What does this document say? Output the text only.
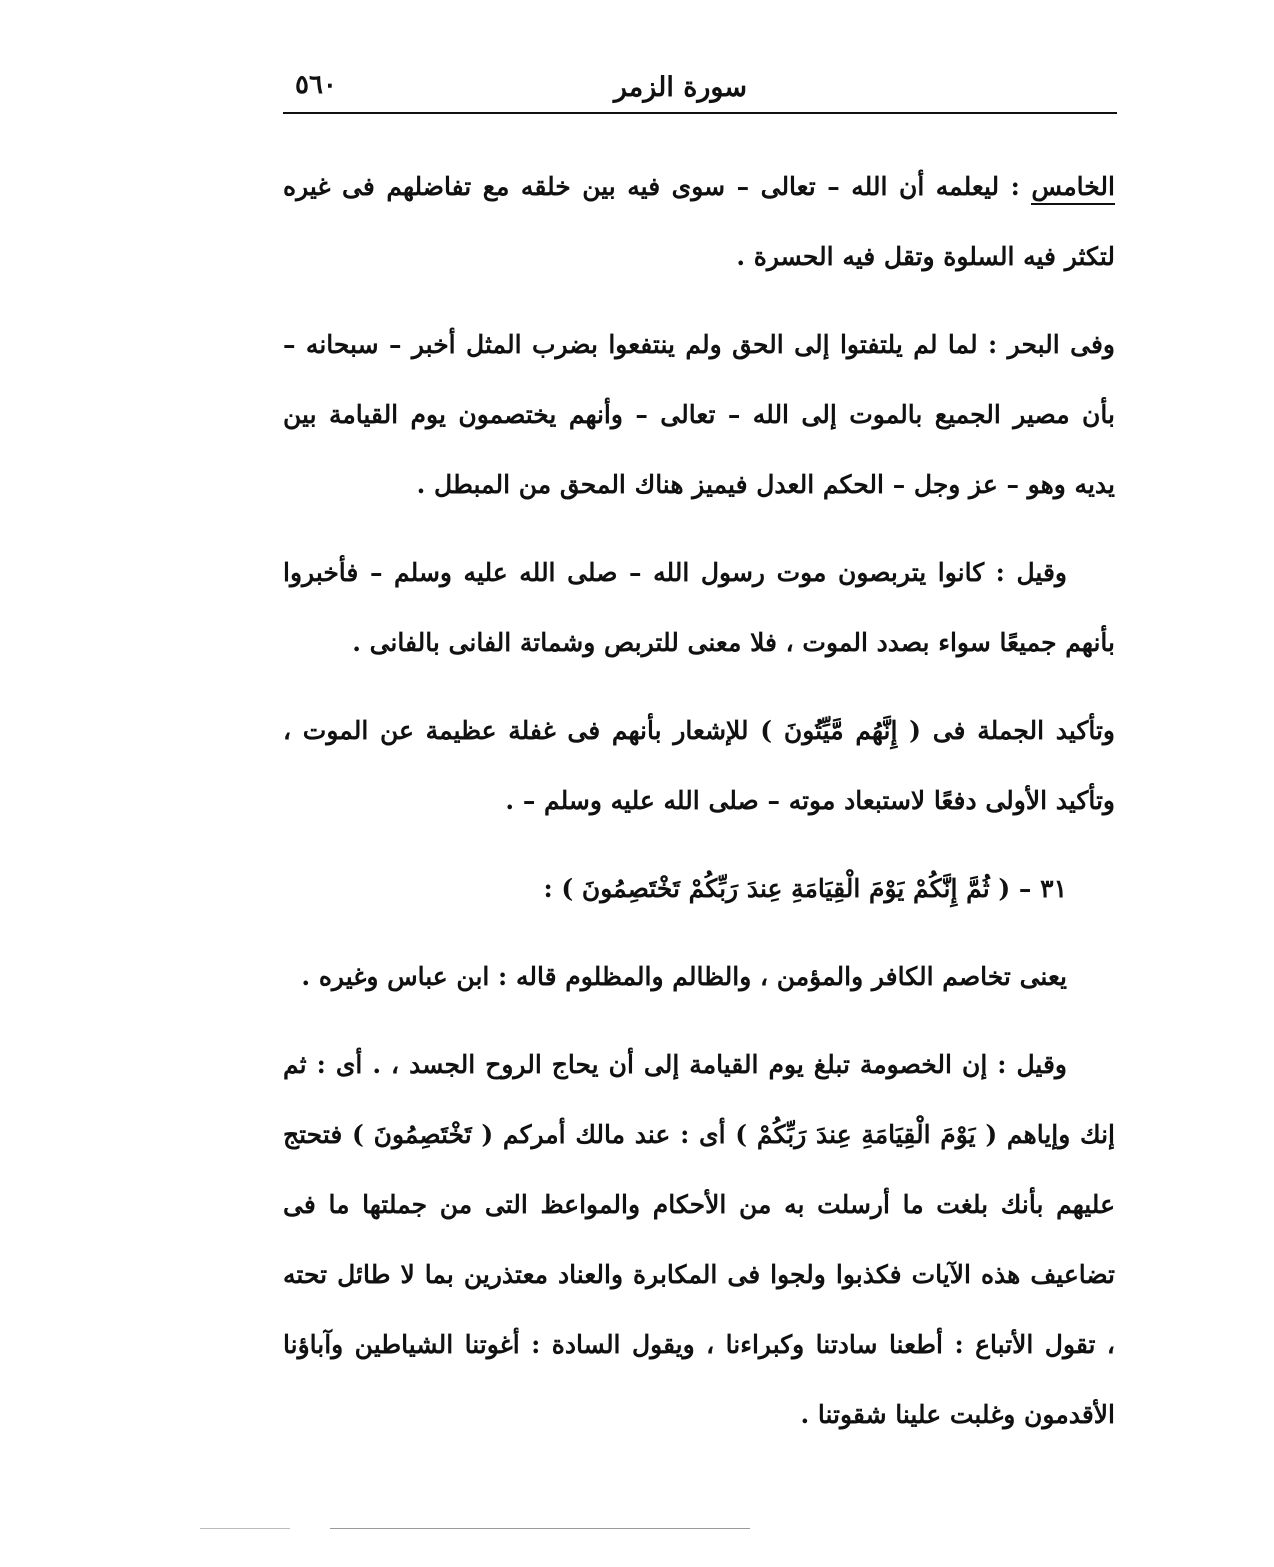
سورة الزمر
٥٦٠

الخامس : ليعلمه أن الله – تعالى – سوى فيه بين خلقه مع تفاضلهم فى غيره لتكثر فيه السلوة وتقل فيه الحسرة .

وفى البحر : لما لم يلتفتوا إلى الحق ولم ينتفعوا بضرب المثل أخبر – سبحانه – بأن مصير الجميع بالموت إلى الله – تعالى – وأنهم يختصمون يوم القيامة بين يديه وهو – عز وجل – الحكم العدل فيميز هناك المحق من المبطل .

وقيل : كانوا يتربصون موت رسول الله – صلى الله عليه وسلم – فأخبروا بأنهم جميعًا سواء بصدد الموت ، فلا معنى للتربص وشماتة الفانى بالفانى .

وتأكيد الجملة فى ( إِنَّهُم مَّيِّتُونَ ) للإشعار بأنهم فى غفلة عظيمة عن الموت ، وتأكيد الأولى دفعًا لاستبعاد موته – صلى الله عليه وسلم – .

٣١ – ( ثُمَّ إِنَّكُمْ يَوْمَ الْقِيَامَةِ عِندَ رَبِّكُمْ تَخْتَصِمُونَ ) :

يعنى تخاصم الكافر والمؤمن ، والظالم والمظلوم قاله : ابن عباس وغيره .

وقيل : إن الخصومة تبلغ يوم القيامة إلى أن يحاج الروح الجسد ، . أى : ثم إنك وإياهم ( يَوْمَ الْقِيَامَةِ عِندَ رَبِّكُمْ ) أى : عند مالك أمركم ( تَخْتَصِمُونَ ) فتحتج عليهم بأنك بلغت ما أرسلت به من الأحكام والمواعظ التى من جملتها ما فى تضاعيف هذه الآيات فكذبوا ولجوا فى المكابرة والعناد معتذرين بما لا طائل تحته ، تقول الأتباع : أطعنا سادتنا وكبراءنا ، ويقول السادة : أغوتنا الشياطين وآباؤنا الأقدمون وغلبت علينا شقوتنا .
